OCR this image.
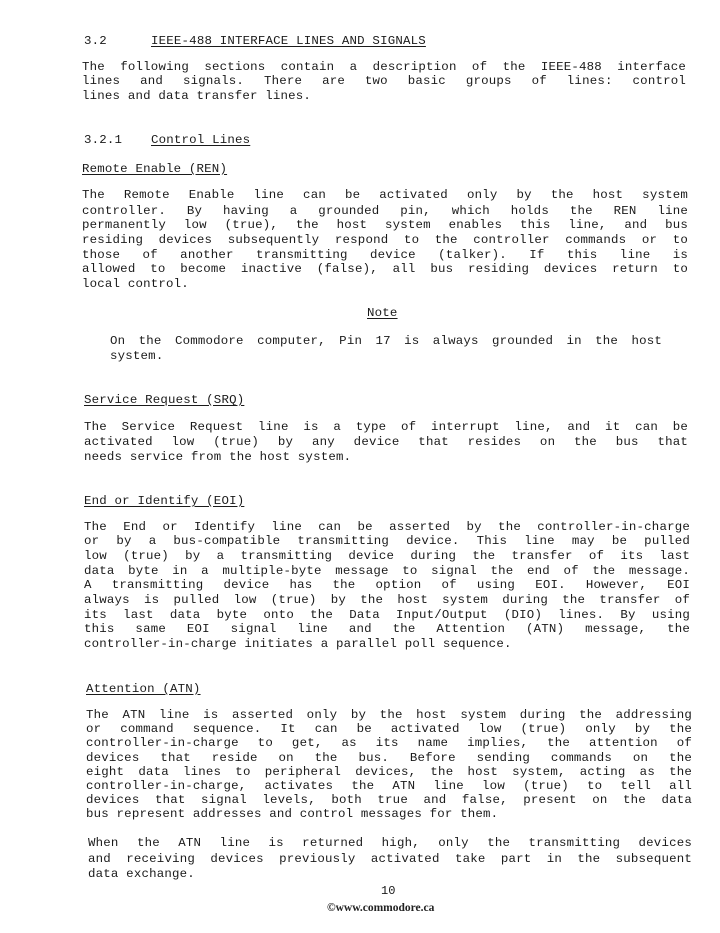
3.2	IEEE-488 INTERFACE LINES AND SIGNALS
The following sections contain a description of the IEEE-488 interface
lines and signals. There are two basic groups of lines: control
lines and data transfer lines.
3.2.1 Control Lines
Remote Enable (REN)
The Remote Enable line can be activated only by the host system
controller. By having a grounded pin, which holds the REN line
permanently low (true), the host system enables this line, and bus
residing devices subsequently respond to the controller commands or to
those of another transmitting device (talker). If this line is
allowed to become inactive (false), all bus residing devices return to
local control.
Note
On the Commodore computer, Pin 17 is always grounded in the host
system.
Service Request (SRQ)
The Service Request line is a type of interrupt line, and it can be
activated low (true) by any device that resides on the bus that
needs service from the host system.
End or Identify (EOI)
The End or Identify line can be asserted by the controller-in-charge
or by a bus-compatible transmitting device. This line may be pulled
low (true) by a transmitting device during the transfer of its last
data byte in a multiple-byte message to signal the end of the message.
A transmitting device has the option of using EOI. However, EOI
always is pulled low (true) by the host system during the transfer of
its last data byte onto the Data Input/Output (DIO) lines. By using
this same EOI signal line and the Attention (ATN) message, the
controller-in-charge initiates a parallel poll sequence.
Attention (ATN)
The ATN line is asserted only by the host system during the addressing
or command sequence. It can be activated low (true) only by the
controller-in-charge to get, as its name implies, the attention of
devices that reside on the bus. Before sending commands on the
eight data lines to peripheral devices, the host system, acting as the
controller-in-charge, activates the ATN line low (true) to tell all
devices that signal levels, both true and false, present on the data
bus represent addresses and control messages for them.
When the ATN line is returned high, only the transmitting devices
and receiving devices previously activated take part in the subsequent
data exchange.
10
©www.commodore.ca
